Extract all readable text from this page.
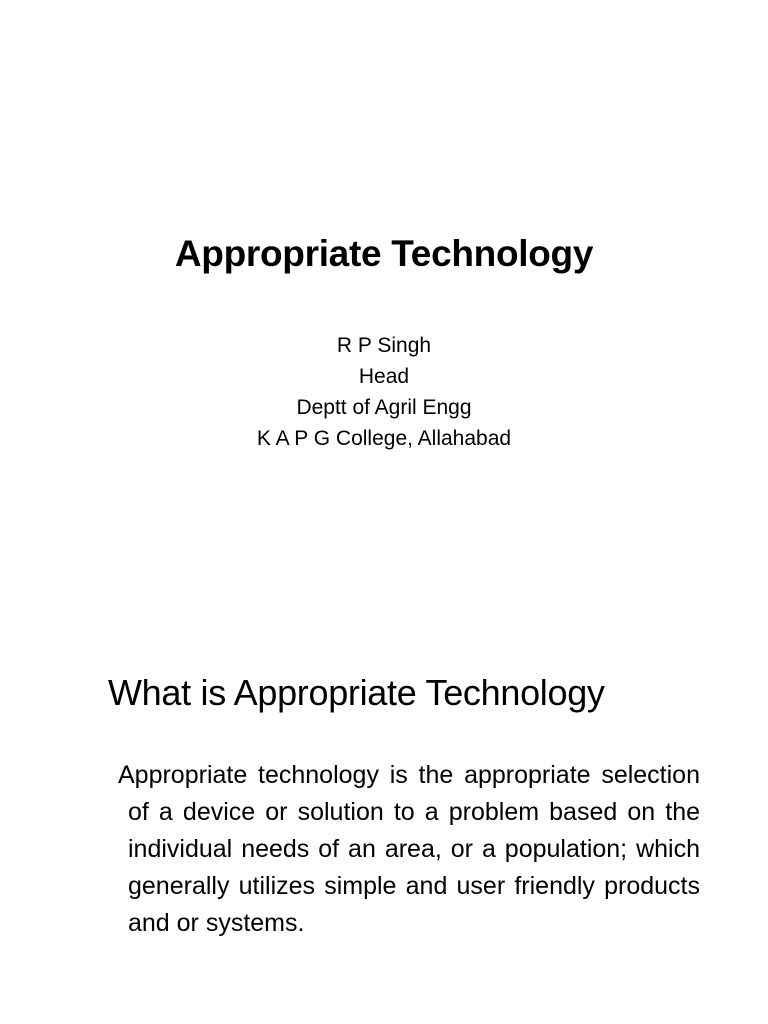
Appropriate Technology
R P Singh
Head
Deptt of Agril Engg
K A P G College, Allahabad
What is Appropriate Technology

Appropriate technology is the appropriate selection of a device or solution to a problem based on the individual needs of an area, or a population; which generally utilizes simple and user friendly products and or systems.
